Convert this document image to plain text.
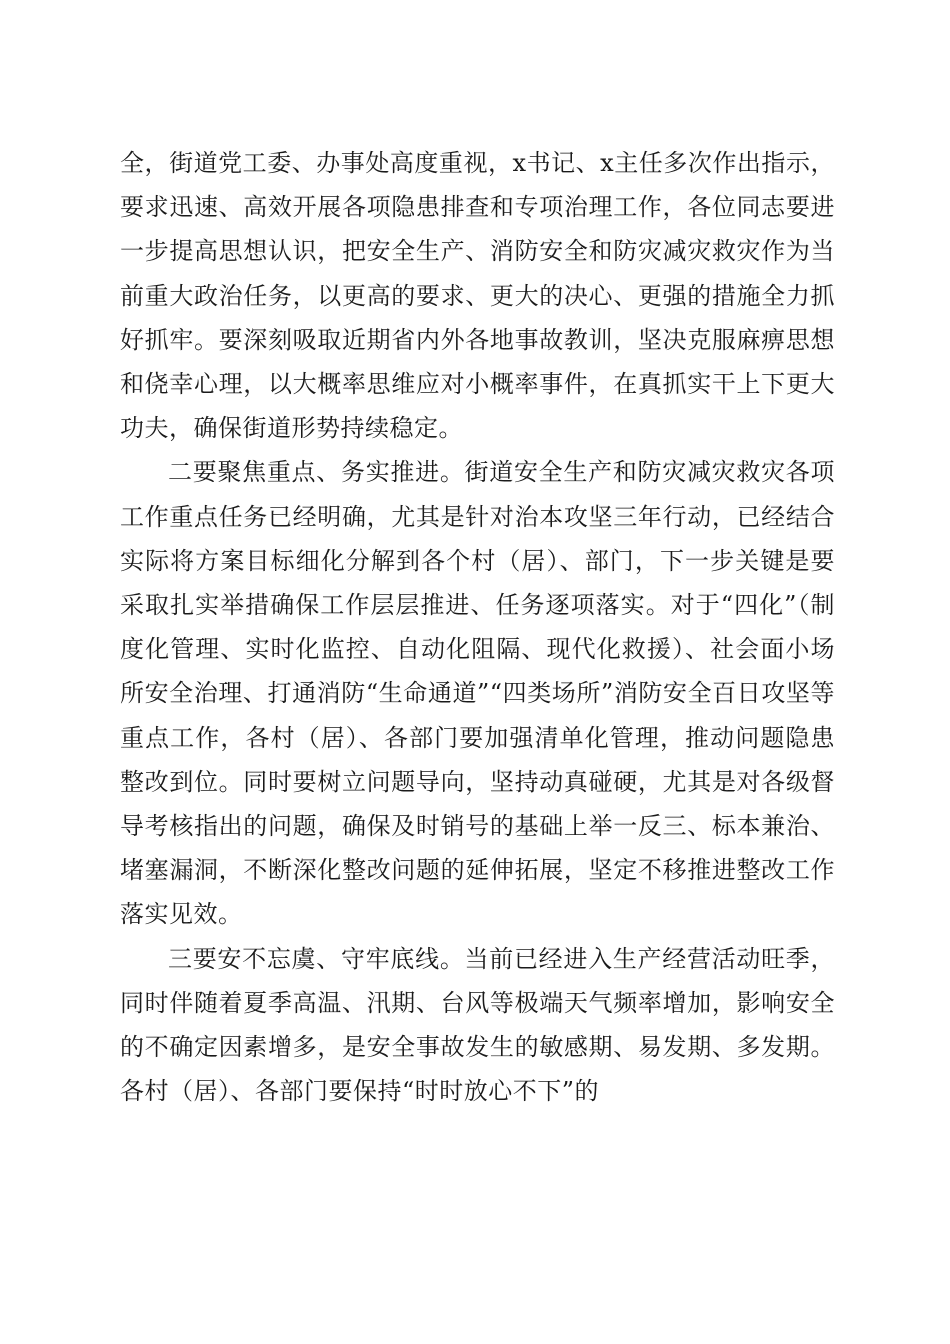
全，街道党工委、办事处高度重视，x书记、x主任多次作出指示，要求迅速、高效开展各项隐患排查和专项治理工作，各位同志要进一步提高思想认识，把安全生产、消防安全和防灾减灾救灾作为当前重大政治任务，以更高的要求、更大的决心、更强的措施全力抓好抓牢。要深刻吸取近期省内外各地事故教训，坚决克服麻痹思想和侥幸心理，以大概率思维应对小概率事件，在真抓实干上下更大功夫，确保街道形势持续稳定。

二要聚焦重点、务实推进。街道安全生产和防灾减灾救灾各项工作重点任务已经明确，尤其是针对治本攻坚三年行动，已经结合实际将方案目标细化分解到各个村（居）、部门，下一步关键是要采取扎实举措确保工作层层推进、任务逐项落实。对于“四化”（制度化管理、实时化监控、自动化阻隔、现代化救援）、社会面小场所安全治理、打通消防“生命通道”“四类场所”消防安全百日攻坚等重点工作，各村（居）、各部门要加强清单化管理，推动问题隐患整改到位。同时要树立问题导向，坚持动真碰硬，尤其是对各级督导考核指出的问题，确保及时销号的基础上举一反三、标本兼治、堵塞漏洞，不断深化整改问题的延伸拓展，坚定不移推进整改工作落实见效。

三要安不忘虞、守牢底线。当前已经进入生产经营活动旺季，同时伴随着夏季高温、汛期、台风等极端天气频率增加，影响安全的不确定因素增多，是安全事故发生的敏感期、易发期、多发期。各村（居）、各部门要保持“时时放心不下”的
